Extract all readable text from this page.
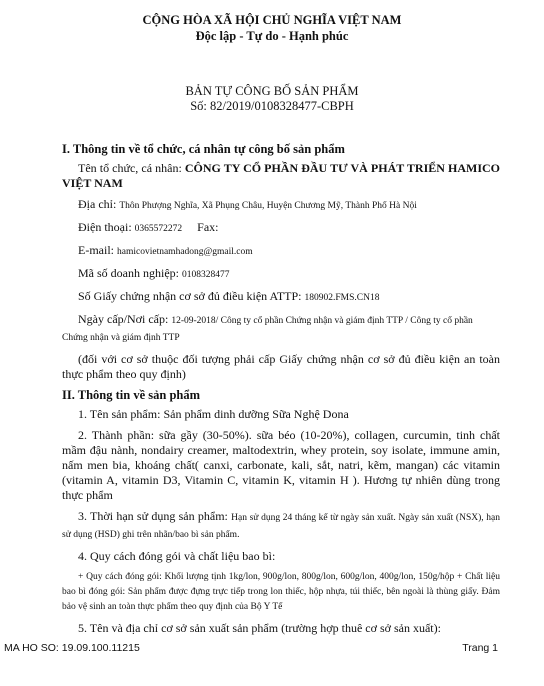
CỘNG HÒA XÃ HỘI CHỦ NGHĨA VIỆT NAM
Độc lập - Tự do - Hạnh phúc
BẢN TỰ CÔNG BỐ SẢN PHẨM
Số: 82/2019/0108328477-CBPH
I. Thông tin về tổ chức, cá nhân tự công bố sản phẩm
Tên tổ chức, cá nhân: CÔNG TY CỔ PHẦN ĐẦU TƯ VÀ PHÁT TRIỂN HAMICO VIỆT NAM
Địa chỉ: Thôn Phượng Nghĩa, Xã Phụng Châu, Huyện Chương Mỹ, Thành Phố Hà Nội
Điện thoại: 0365572272 Fax:
E-mail: hamicovietnamhadong@gmail.com
Mã số doanh nghiệp: 0108328477
Số Giấy chứng nhận cơ sở đủ điều kiện ATTP: 180902.FMS.CN18
Ngày cấp/Nơi cấp: 12-09-2018/ Công ty cổ phần Chứng nhận và giám định TTP / Công ty cổ phần Chứng nhận và giám định TTP
(đối với cơ sở thuộc đối tượng phải cấp Giấy chứng nhận cơ sở đủ điều kiện an toàn thực phẩm theo quy định)
II. Thông tin về sản phẩm
1. Tên sản phẩm: Sản phẩm dinh dưỡng Sữa Nghệ Dona
2. Thành phần: sữa gầy (30-50%). sữa béo (10-20%), collagen, curcumin, tinh chất mầm đậu nành, nondairy creamer, maltodextrin, whey protein, soy isolate, immune amin, nấm men bia, khoáng chất( canxi, carbonate, kali, sắt, natri, kẽm, mangan) các vitamin (vitamin A, vitamin D3, Vitamin C, vitamin K, vitamin H ). Hương tự nhiên dùng trong thực phẩm
3. Thời hạn sử dụng sản phẩm: Hạn sử dụng 24 tháng kể từ ngày sản xuất. Ngày sản xuất (NSX), hạn sử dụng (HSD) ghi trên nhãn/bao bì sản phẩm.
4. Quy cách đóng gói và chất liệu bao bì:
+ Quy cách đóng gói: Khối lượng tịnh 1kg/lon, 900g/lon, 800g/lon, 600g/lon, 400g/lon, 150g/hộp + Chất liệu bao bì đóng gói: Sản phẩm được đựng trực tiếp trong lon thiếc, hộp nhựa, túi thiếc, bên ngoài là thùng giấy. Đảm bảo vệ sinh an toàn thực phẩm theo quy định của Bộ Y Tế
5. Tên và địa chỉ cơ sở sản xuất sản phẩm (trường hợp thuê cơ sở sản xuất):
MA HO SO: 19.09.100.11215	Trang 1
